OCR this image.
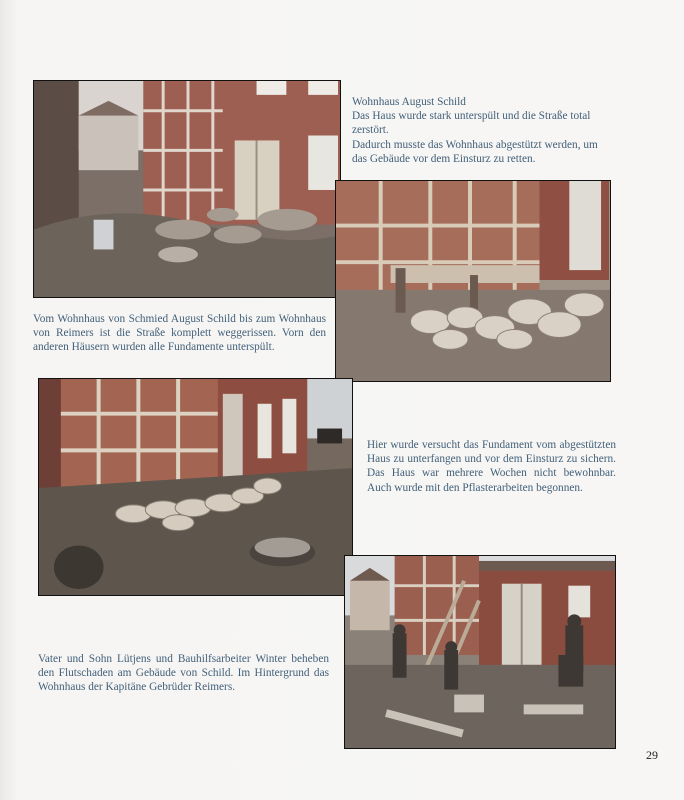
Wohnhaus August Schild
Das Haus wurde stark unterspült und die Straße total zerstört.
Dadurch musste das Wohnhaus abgestützt werden, um das Gebäude vor dem Einsturz zu retten.
Vom Wohnhaus von Schmied August Schild bis zum Wohnhaus von Reimers ist die Straße komplett weggerissen. Vorn den anderen Häusern wurden alle Fundamente unterspült.
Hier wurde versucht das Fundament vom abgestützten Haus zu unterfangen und vor dem Einsturz zu sichern. Das Haus war mehrere Wochen nicht bewohnbar. Auch wurde mit den Pflasterarbeiten begonnen.
Vater und Sohn Lütjens und Bauhilfsarbeiter Winter beheben den Flutschaden am Gebäude von Schild. Im Hintergrund das Wohnhaus der Kapitäne Gebrüder Reimers.
29
